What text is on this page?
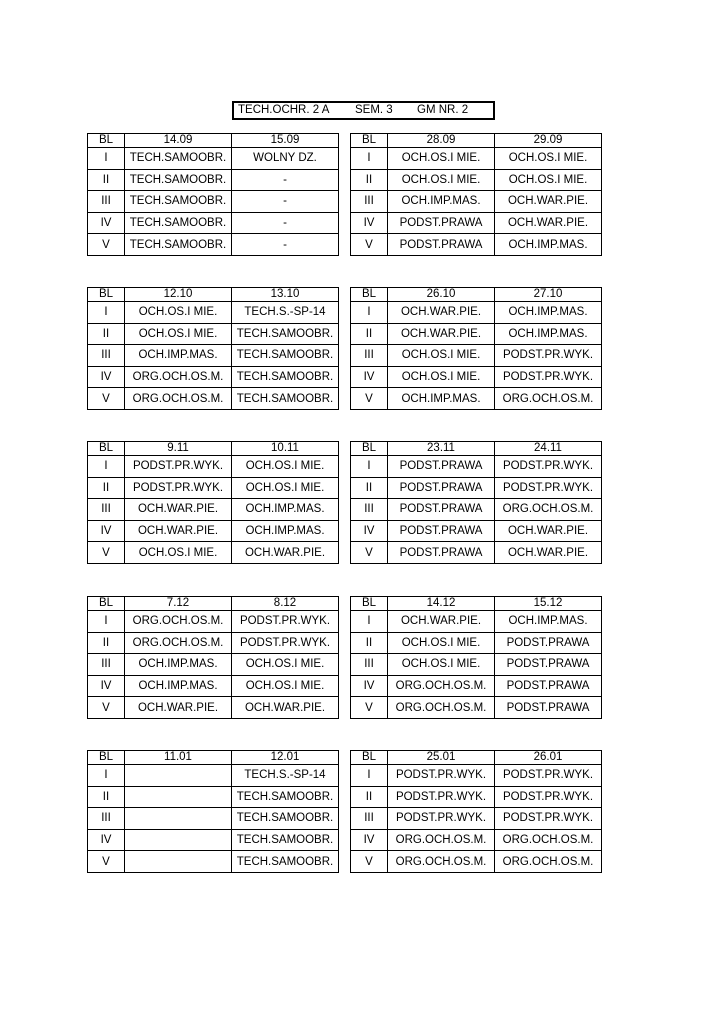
TECH.OCHR. 2 A SEM. 3 GM NR. 2
BL	14.09	15.09
I	TECH.SAMOOBR.	WOLNY DZ.
II	TECH.SAMOOBR.	-
III	TECH.SAMOOBR.	-
IV	TECH.SAMOOBR.	-
V	TECH.SAMOOBR.	-
BL	28.09	29.09
I	OCH.OS.I MIE.	OCH.OS.I MIE.
II	OCH.OS.I MIE.	OCH.OS.I MIE.
III	OCH.IMP.MAS.	OCH.WAR.PIE.
IV	PODST.PRAWA	OCH.WAR.PIE.
V	PODST.PRAWA	OCH.IMP.MAS.
BL	12.10	13.10
I	OCH.OS.I MIE.	TECH.S.-SP-14
II	OCH.OS.I MIE.	TECH.SAMOOBR.
III	OCH.IMP.MAS.	TECH.SAMOOBR.
IV	ORG.OCH.OS.M.	TECH.SAMOOBR.
V	ORG.OCH.OS.M.	TECH.SAMOOBR.
BL	26.10	27.10
I	OCH.WAR.PIE.	OCH.IMP.MAS.
II	OCH.WAR.PIE.	OCH.IMP.MAS.
III	OCH.OS.I MIE.	PODST.PR.WYK.
IV	OCH.OS.I MIE.	PODST.PR.WYK.
V	OCH.IMP.MAS.	ORG.OCH.OS.M.
BL	9.11	10.11
I	PODST.PR.WYK.	OCH.OS.I MIE.
II	PODST.PR.WYK.	OCH.OS.I MIE.
III	OCH.WAR.PIE.	OCH.IMP.MAS.
IV	OCH.WAR.PIE.	OCH.IMP.MAS.
V	OCH.OS.I MIE.	OCH.WAR.PIE.
BL	23.11	24.11
I	PODST.PRAWA	PODST.PR.WYK.
II	PODST.PRAWA	PODST.PR.WYK.
III	PODST.PRAWA	ORG.OCH.OS.M.
IV	PODST.PRAWA	OCH.WAR.PIE.
V	PODST.PRAWA	OCH.WAR.PIE.
BL	7.12	8.12
I	ORG.OCH.OS.M.	PODST.PR.WYK.
II	ORG.OCH.OS.M.	PODST.PR.WYK.
III	OCH.IMP.MAS.	OCH.OS.I MIE.
IV	OCH.IMP.MAS.	OCH.OS.I MIE.
V	OCH.WAR.PIE.	OCH.WAR.PIE.
BL	14.12	15.12
I	OCH.WAR.PIE.	OCH.IMP.MAS.
II	OCH.OS.I MIE.	PODST.PRAWA
III	OCH.OS.I MIE.	PODST.PRAWA
IV	ORG.OCH.OS.M.	PODST.PRAWA
V	ORG.OCH.OS.M.	PODST.PRAWA
BL	11.01	12.01
I		TECH.S.-SP-14
II		TECH.SAMOOBR.
III		TECH.SAMOOBR.
IV		TECH.SAMOOBR.
V		TECH.SAMOOBR.
BL	25.01	26.01
I	PODST.PR.WYK.	PODST.PR.WYK.
II	PODST.PR.WYK.	PODST.PR.WYK.
III	PODST.PR.WYK.	PODST.PR.WYK.
IV	ORG.OCH.OS.M.	ORG.OCH.OS.M.
V	ORG.OCH.OS.M.	ORG.OCH.OS.M.
